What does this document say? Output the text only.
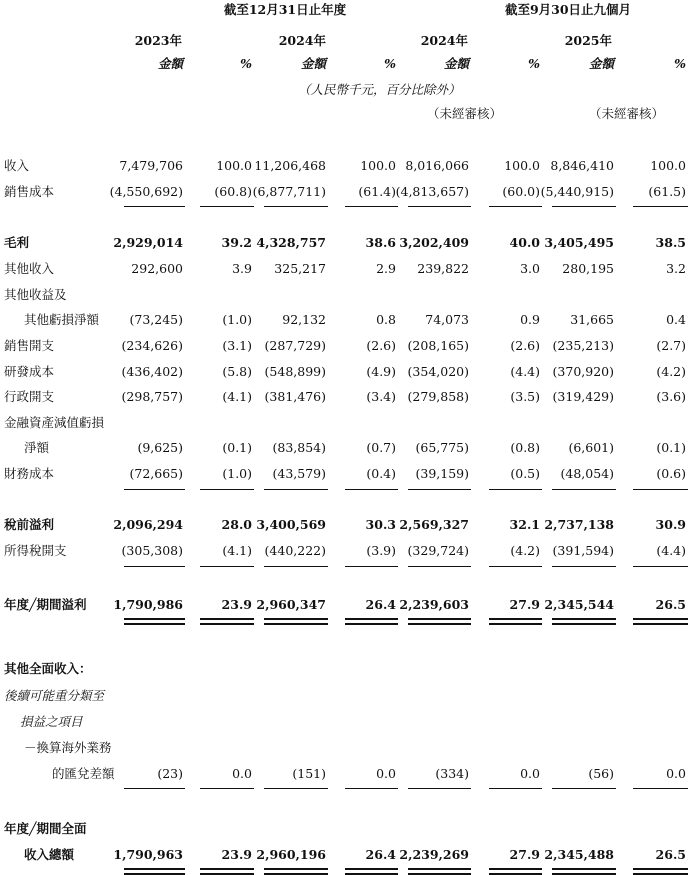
截至12月31日止年度	截至9月30日止九個月
2023年	2024年	2024年	2025年
金額	%	金額	%	金額	%	金額	%
（人民幣千元，百分比除外）
（未經審核）	（未經審核）
收入	7,479,706	100.0 11,206,468	100.0 8,016,066	100.0 8,846,410	100.0
銷售成本	(4,550,692)	(60.8) (6,877,711)	(61.4) (4,813,657)	(60.0) (5,440,915)	(61.5)
毛利	2,929,014	39.2 4,328,757	38.6 3,202,409	40.0 3,405,495	38.5
其他收入	292,600	3.9 325,217	2.9 239,822	3.0 280,195	3.2
其他收益及
其他虧損淨額 (73,245)	(1.0) 92,132	0.8 74,073	0.9 31,665	0.4
銷售開支	(234,626)	(3.1) (287,729)	(2.6) (208,165)	(2.6) (235,213)	(2.7)
研發成本	(436,402)	(5.8) (548,899)	(4.9) (354,020)	(4.4) (370,920)	(4.2)
行政開支	(298,757)	(4.1) (381,476)	(3.4) (279,858)	(3.5) (319,429)	(3.6)
金融資產減值虧損
淨額	(9,625)	(0.1) (83,854)	(0.7) (65,775)	(0.8) (6,601)	(0.1)
財務成本	(72,665)	(1.0) (43,579)	(0.4) (39,159)	(0.5) (48,054)	(0.6)
稅前溢利	2,096,294	28.0 3,400,569	30.3 2,569,327	32.1 2,737,138	30.9
所得稅開支	(305,308)	(4.1) (440,222)	(3.9) (329,724)	(4.2) (391,594)	(4.4)
年度╱期間溢利 1,790,986	23.9 2,960,347	26.4 2,239,603	27.9 2,345,544	26.5
－換算海外業務
的匯兌差額	(23)	0.0	(151)	0.0	(334)	0.0	(56)	0.0
年度╱期間全面
收入總額	1,790,963	23.9 2,960,196	26.4 2,239,269	27.9 2,345,488	26.5
其他全面收入：
後續可能重分類至
損益之項目
